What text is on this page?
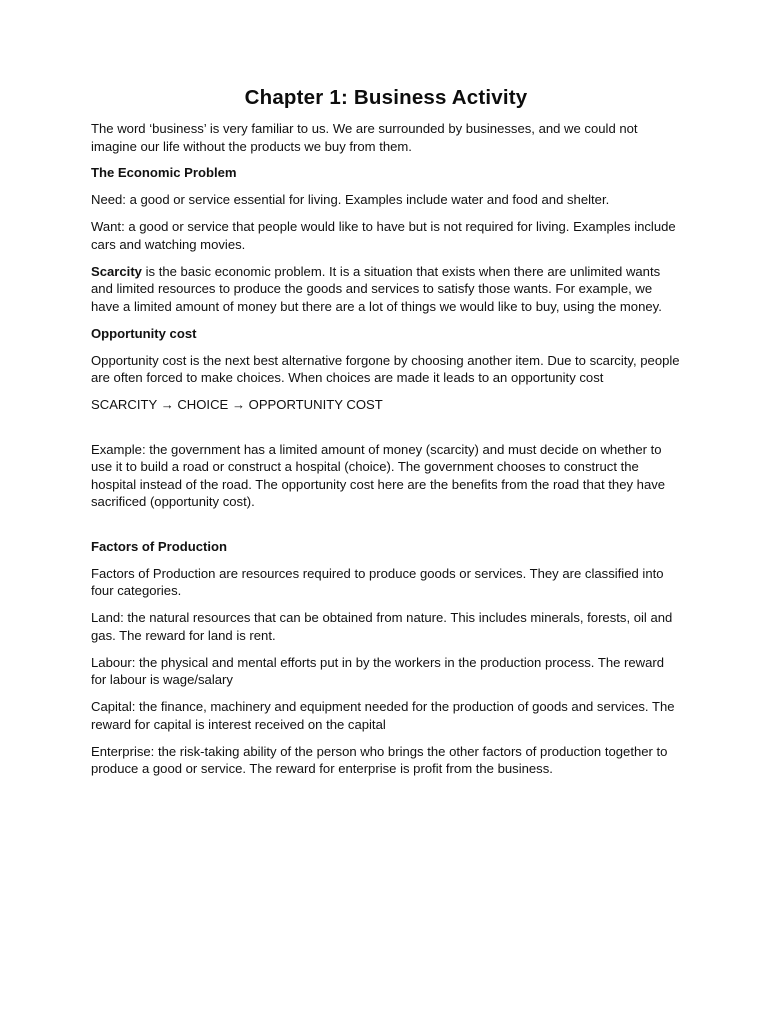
Chapter 1: Business Activity

The word ‘business’ is very familiar to us. We are surrounded by businesses, and we could not imagine our life without the products we buy from them.

The Economic Problem

Need: a good or service essential for living. Examples include water and food and shelter.

Want: a good or service that people would like to have but is not required for living. Examples include cars and watching movies.

Scarcity is the basic economic problem. It is a situation that exists when there are unlimited wants and limited resources to produce the goods and services to satisfy those wants. For example, we have a limited amount of money but there are a lot of things we would like to buy, using the money.

Opportunity cost

Opportunity cost is the next best alternative forgone by choosing another item. Due to scarcity, people are often forced to make choices. When choices are made it leads to an opportunity cost

SCARCITY → CHOICE → OPPORTUNITY COST

Example: the government has a limited amount of money (scarcity) and must decide on whether to use it to build a road or construct a hospital (choice). The government chooses to construct the hospital instead of the road. The opportunity cost here are the benefits from the road that they have sacrificed (opportunity cost).

Factors of Production

Factors of Production are resources required to produce goods or services. They are classified into four categories.

Land: the natural resources that can be obtained from nature. This includes minerals, forests, oil and gas. The reward for land is rent.

Labour: the physical and mental efforts put in by the workers in the production process. The reward for labour is wage/salary

Capital: the finance, machinery and equipment needed for the production of goods and services. The reward for capital is interest received on the capital

Enterprise: the risk-taking ability of the person who brings the other factors of production together to produce a good or service. The reward for enterprise is profit from the business.
